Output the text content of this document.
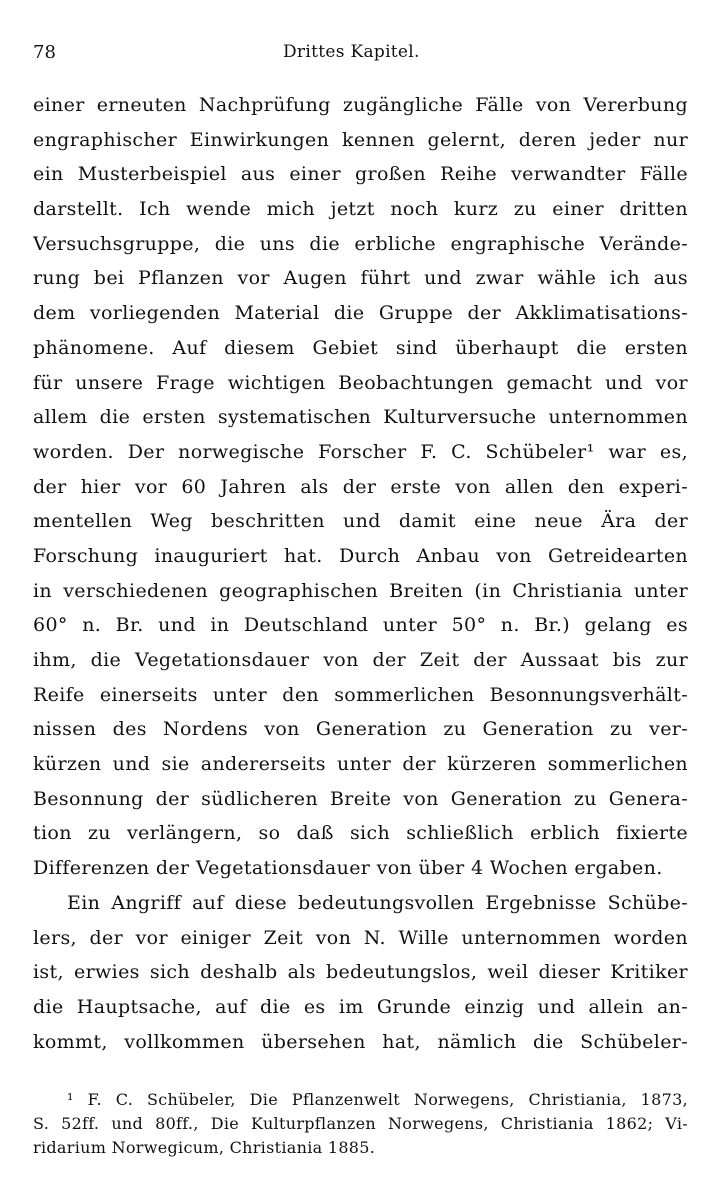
78	Drittes Kapitel.
einer erneuten Nachprüfung zugängliche Fälle von Vererbung
engraphischer Einwirkungen kennen gelernt, deren jeder nur
ein Musterbeispiel aus einer großen Reihe verwandter Fälle
darstellt. Ich wende mich jetzt noch kurz zu einer dritten
Versuchsgruppe, die uns die erbliche engraphische Verände-
rung bei Pflanzen vor Augen führt und zwar wähle ich aus
dem vorliegenden Material die Gruppe der Akklimatisations-
phänomene. Auf diesem Gebiet sind überhaupt die ersten
für unsere Frage wichtigen Beobachtungen gemacht und vor
allem die ersten systematischen Kulturversuche unternommen
worden. Der norwegische Forscher F. C. Schübeler¹ war es,
der hier vor 60 Jahren als der erste von allen den experi-
mentellen Weg beschritten und damit eine neue Ära der
Forschung inauguriert hat. Durch Anbau von Getreidearten
in verschiedenen geographischen Breiten (in Christiania unter
60° n. Br. und in Deutschland unter 50° n. Br.) gelang es
ihm, die Vegetationsdauer von der Zeit der Aussaat bis zur
Reife einerseits unter den sommerlichen Besonnungsverhält-
nissen des Nordens von Generation zu Generation zu ver-
kürzen und sie andererseits unter der kürzeren sommerlichen
Besonnung der südlicheren Breite von Generation zu Genera-
tion zu verlängern, so daß sich schließlich erblich fixierte
Differenzen der Vegetationsdauer von über 4 Wochen ergaben.
Ein Angriff auf diese bedeutungsvollen Ergebnisse Schübe-
lers, der vor einiger Zeit von N. Wille unternommen worden
ist, erwies sich deshalb als bedeutungslos, weil dieser Kritiker
die Hauptsache, auf die es im Grunde einzig und allein an-
kommt, vollkommen übersehen hat, nämlich die Schübeler-
¹ F. C. Schübeler, Die Pflanzenwelt Norwegens, Christiania, 1873,
S. 52ff. und 80ff., Die Kulturpflanzen Norwegens, Christiania 1862; Vi-
ridarium Norwegicum, Christiania 1885.
